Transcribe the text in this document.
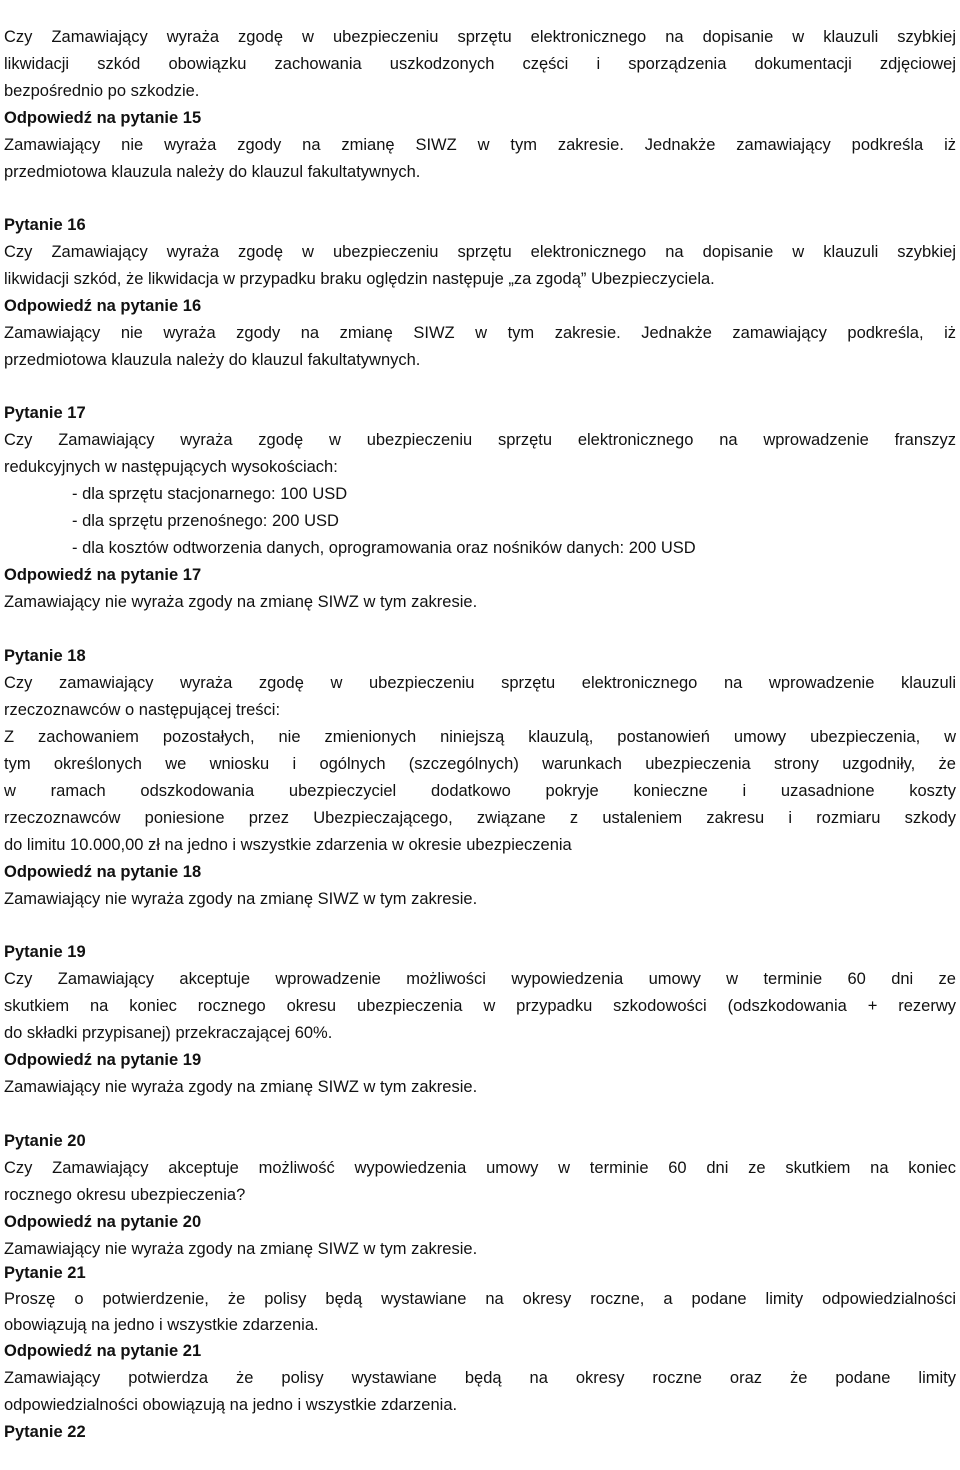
Czy Zamawiający wyraża zgodę w ubezpieczeniu sprzętu elektronicznego na dopisanie w klauzuli szybkiej
likwidacji szkód obowiązku zachowania uszkodzonych części i sporządzenia dokumentacji zdjęciowej
bezpośrednio po szkodzie.
Odpowiedź na pytanie 15
Zamawiający nie wyraża zgody na zmianę SIWZ w tym zakresie. Jednakże zamawiający podkreśla iż
przedmiotowa klauzula należy do klauzul fakultatywnych.
Pytanie 16
Czy Zamawiający wyraża zgodę w ubezpieczeniu sprzętu elektronicznego na dopisanie w klauzuli szybkiej
likwidacji szkód, że likwidacja w przypadku braku oględzin następuje „za zgodą” Ubezpieczyciela.
Odpowiedź na pytanie 16
Zamawiający nie wyraża zgody na zmianę SIWZ w tym zakresie. Jednakże zamawiający podkreśla, iż
przedmiotowa klauzula należy do klauzul fakultatywnych.
Pytanie 17
Czy Zamawiający wyraża zgodę w ubezpieczeniu sprzętu elektronicznego na wprowadzenie franszyz
redukcyjnych w następujących wysokościach:
- dla sprzętu stacjonarnego: 100 USD
- dla sprzętu przenośnego: 200 USD
- dla kosztów odtworzenia danych, oprogramowania oraz nośników danych: 200 USD
Odpowiedź na pytanie 17
Zamawiający nie wyraża zgody na zmianę SIWZ w tym zakresie.
Pytanie 18
Czy zamawiający wyraża zgodę w ubezpieczeniu sprzętu elektronicznego na wprowadzenie klauzuli
rzeczoznawców o następującej treści:
Z zachowaniem pozostałych, nie zmienionych niniejszą klauzulą, postanowień umowy ubezpieczenia, w
tym określonych we wniosku i ogólnych (szczególnych) warunkach ubezpieczenia strony uzgodniły, że
w ramach odszkodowania ubezpieczyciel dodatkowo pokryje konieczne i uzasadnione koszty
rzeczoznawców poniesione przez Ubezpieczającego, związane z ustaleniem zakresu i rozmiaru szkody
do limitu 10.000,00 zł na jedno i wszystkie zdarzenia w okresie ubezpieczenia
Odpowiedź na pytanie 18
Zamawiający nie wyraża zgody na zmianę SIWZ w tym zakresie.
Pytanie 19
Czy Zamawiający akceptuje wprowadzenie możliwości wypowiedzenia umowy w terminie 60 dni ze
skutkiem na koniec rocznego okresu ubezpieczenia w przypadku szkodowości (odszkodowania + rezerwy
do składki przypisanej) przekraczającej 60%.
Odpowiedź na pytanie 19
Zamawiający nie wyraża zgody na zmianę SIWZ w tym zakresie.
Pytanie 20
Czy Zamawiający akceptuje możliwość wypowiedzenia umowy w terminie 60 dni ze skutkiem na koniec
rocznego okresu ubezpieczenia?
Odpowiedź na pytanie 20
Zamawiający nie wyraża zgody na zmianę SIWZ w tym zakresie.
Pytanie 21
Proszę o potwierdzenie, że polisy będą wystawiane na okresy roczne, a podane limity odpowiedzialności
obowiązują na jedno i wszystkie zdarzenia.
Odpowiedź na pytanie 21
Zamawiający potwierdza że polisy wystawiane będą na okresy roczne oraz że podane limity
odpowiedzialności obowiązują na jedno i wszystkie zdarzenia.
Pytanie 22
